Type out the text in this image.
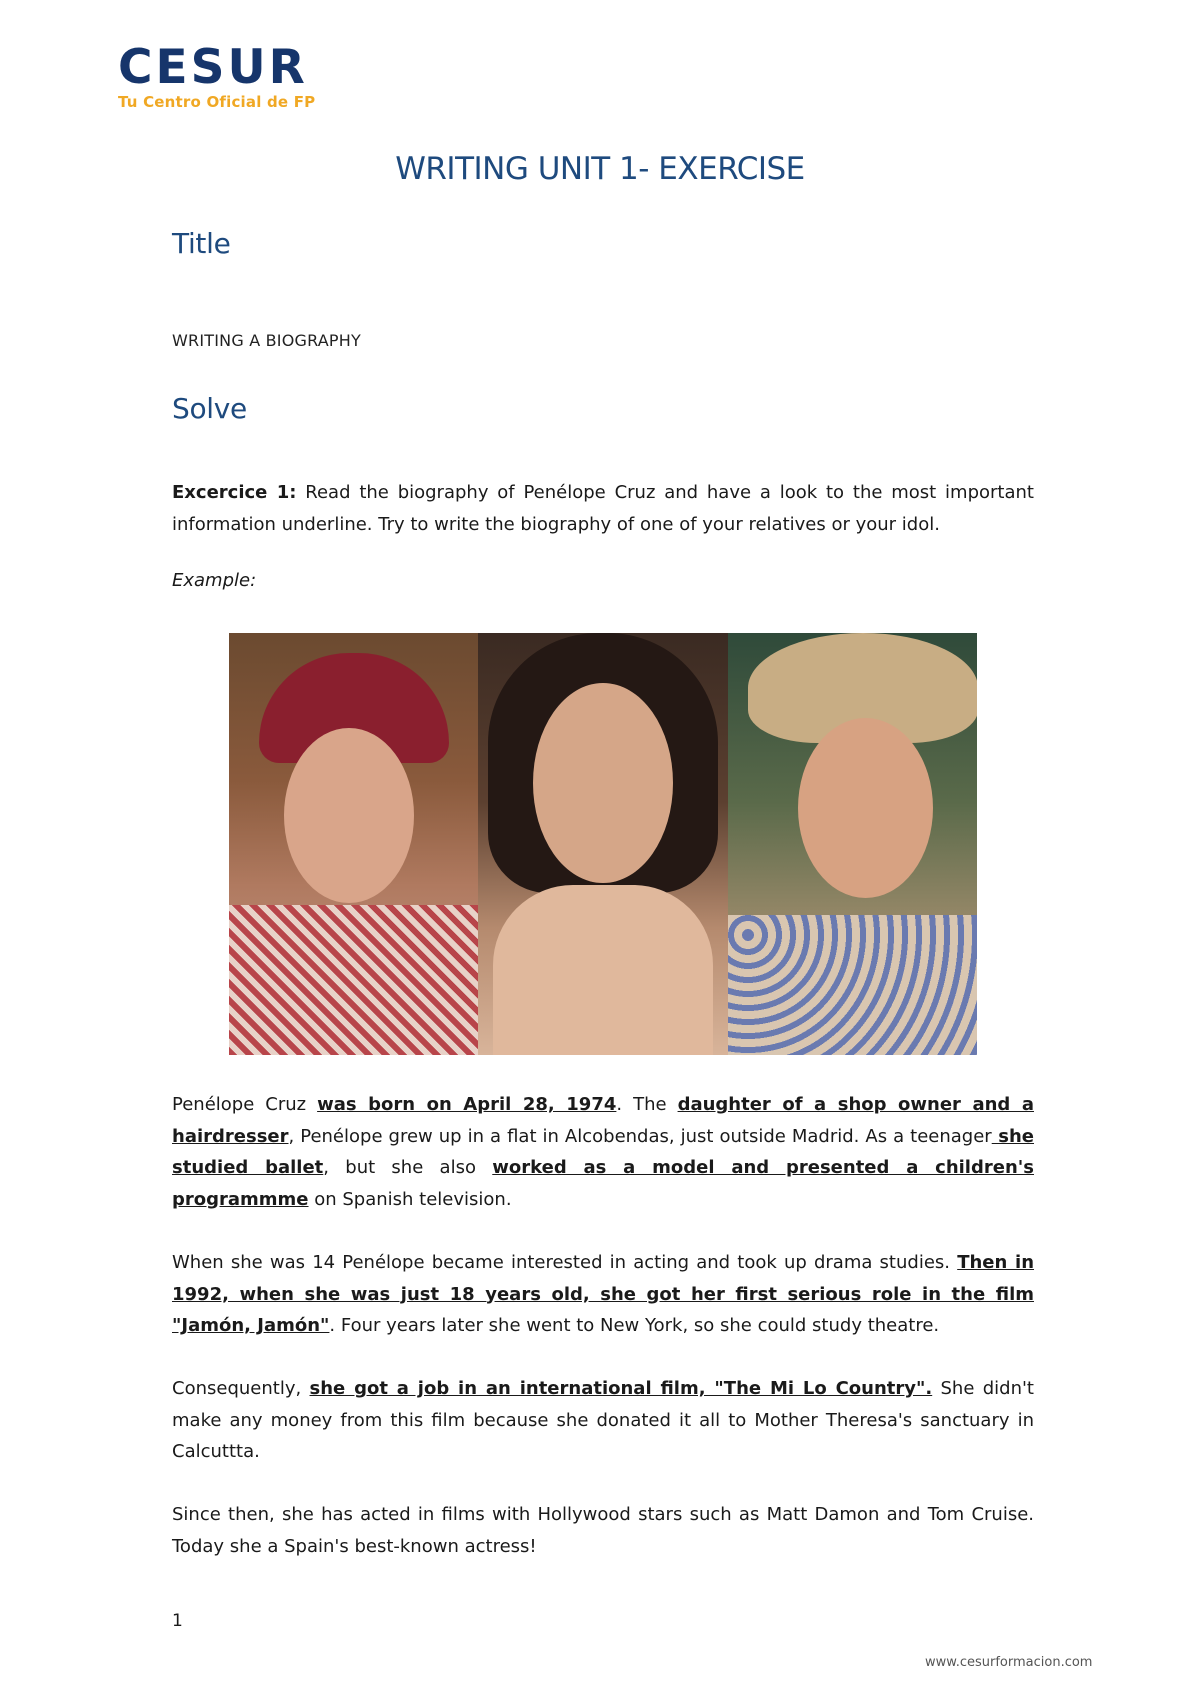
CESUR
Tu Centro Oficial de FP
WRITING UNIT 1- EXERCISE
Title
WRITING A BIOGRAPHY
Solve
Excercice 1: Read the biography of Penélope Cruz and have a look to the most important information underline. Try to write the biography of one of your relatives or your idol.
Example:
Penélope Cruz was born on April 28, 1974. The daughter of a shop owner and a hairdresser, Penélope grew up in a flat in Alcobendas, just outside Madrid. As a teenager she studied ballet, but she also worked as a model and presented a children's programmme on Spanish television.
When she was 14 Penélope became interested in acting and took up drama studies. Then in 1992, when she was just 18 years old, she got her first serious role in the film "Jamón, Jamón". Four years later she went to New York, so she could study theatre.
Consequently, she got a job in an international film, "The Mi Lo Country". She didn't make any money from this film because she donated it all to Mother Theresa's sanctuary in Calcuttta.
Since then, she has acted in films with Hollywood stars such as Matt Damon and Tom Cruise. Today she a Spain's best-known actress!
1
www.cesurformacion.com
